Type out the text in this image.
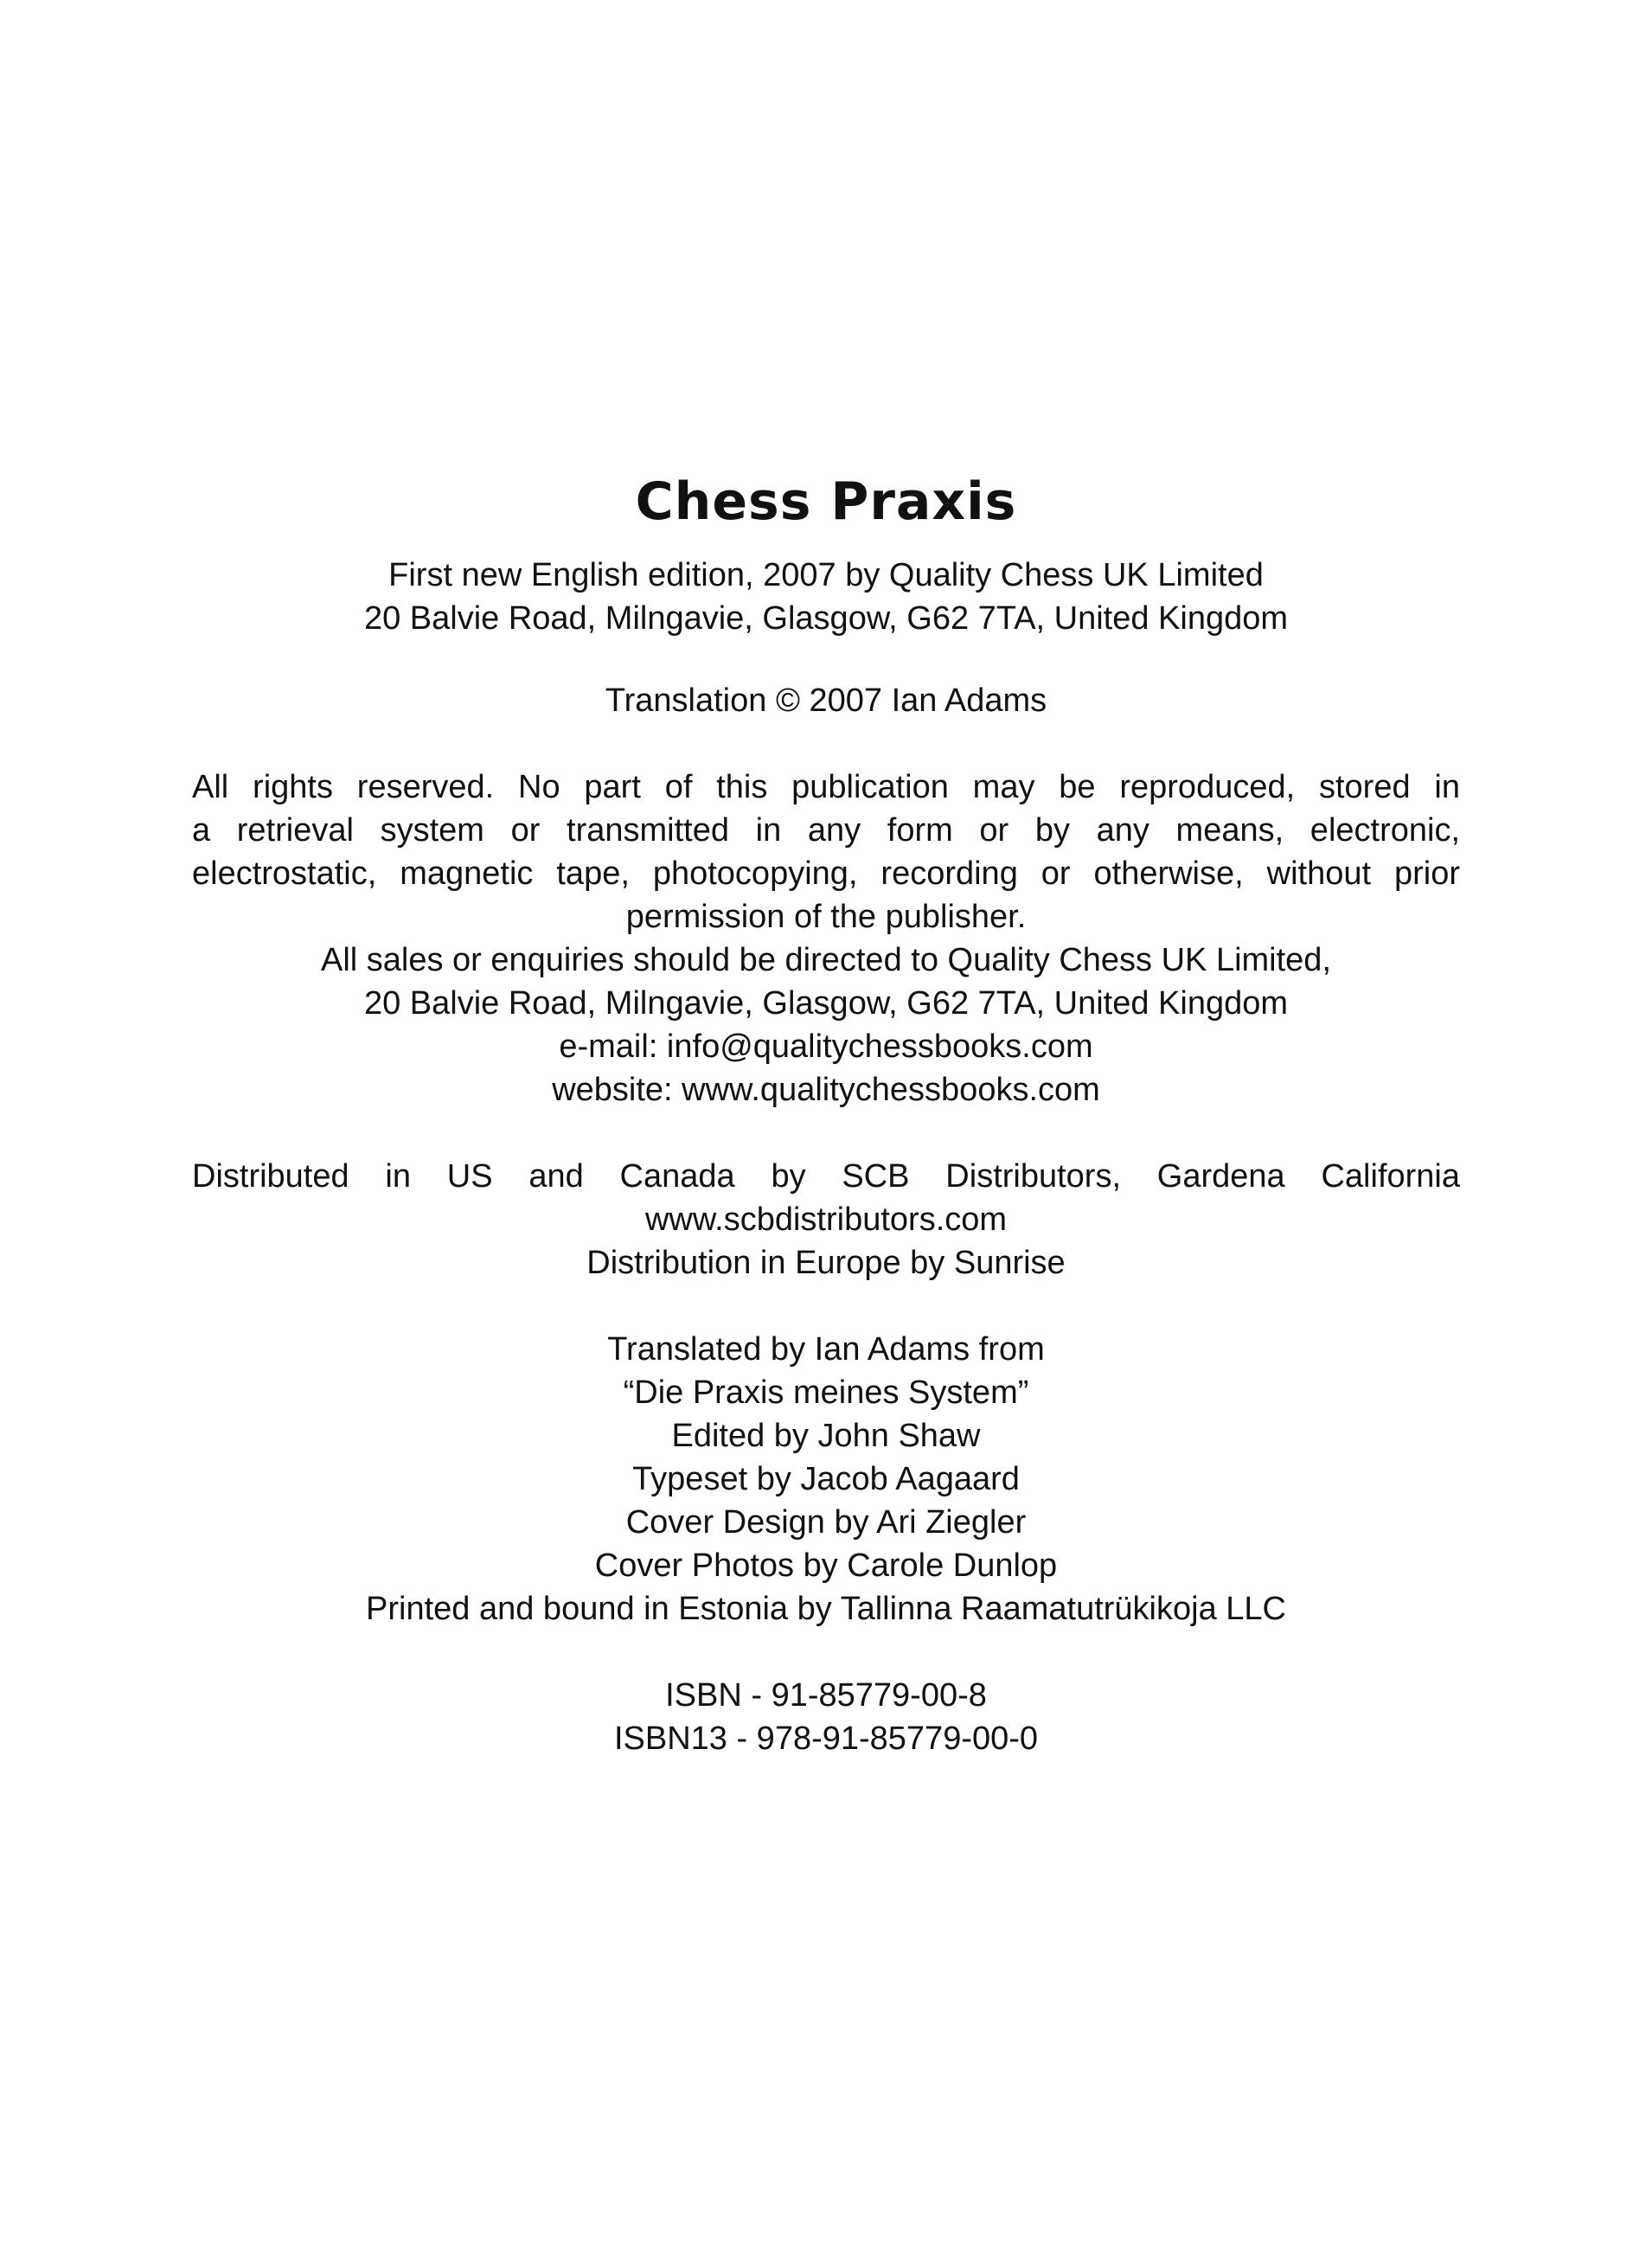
Chess Praxis
First new English edition, 2007 by Quality Chess UK Limited
20 Balvie Road, Milngavie, Glasgow, G62 7TA, United Kingdom
Translation © 2007 Ian Adams
All rights reserved. No part of this publication may be reproduced, stored in
a retrieval system or transmitted in any form or by any means, electronic,
electrostatic, magnetic tape, photocopying, recording or otherwise, without prior
permission of the publisher.
All sales or enquiries should be directed to Quality Chess UK Limited,
20 Balvie Road, Milngavie, Glasgow, G62 7TA, United Kingdom
e-mail: info@qualitychessbooks.com
website: www.qualitychessbooks.com
Distributed in US and Canada by SCB Distributors, Gardena California
www.scbdistributors.com
Distribution in Europe by Sunrise
Translated by Ian Adams from
“Die Praxis meines System”
Edited by John Shaw
Typeset by Jacob Aagaard
Cover Design by Ari Ziegler
Cover Photos by Carole Dunlop
Printed and bound in Estonia by Tallinna Raamatutrükikoja LLC
ISBN - 91-85779-00-8
ISBN13 - 978-91-85779-00-0
